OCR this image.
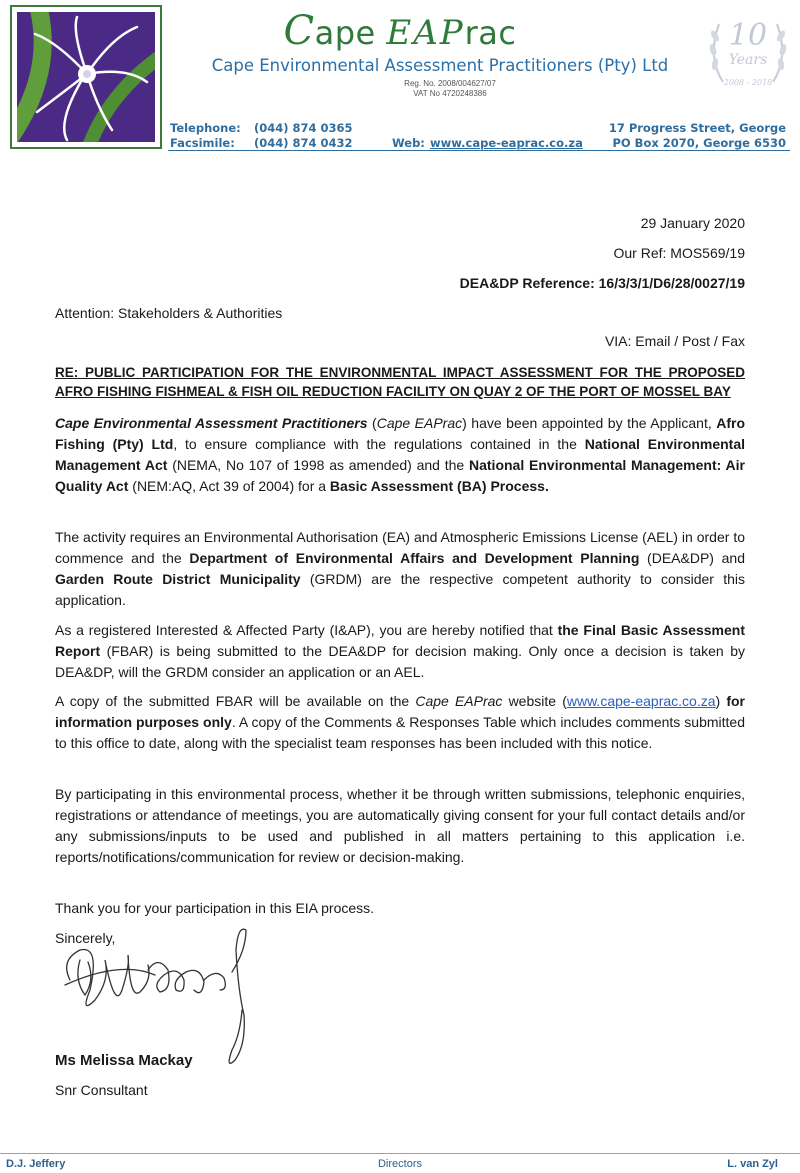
Cape EAPrac
Cape Environmental Assessment Practitioners (Pty) Ltd
Reg. No. 2008/004627/07
VAT No 4720248386
10
Years
2008 - 2018
Telephone: (044) 874 0365
Facsimile: (044) 874 0432	Web: www.cape-eaprac.co.za
17 Progress Street, George
PO Box 2070, George 6530
29 January 2020
Our Ref: MOS569/19
DEA&DP Reference: 16/3/3/1/D6/28/0027/19
Attention: Stakeholders & Authorities
VIA: Email / Post / Fax
RE: PUBLIC PARTICIPATION FOR THE ENVIRONMENTAL IMPACT ASSESSMENT FOR THE PROPOSED AFRO FISHING FISHMEAL & FISH OIL REDUCTION FACILITY ON QUAY 2 OF THE PORT OF MOSSEL BAY
Cape Environmental Assessment Practitioners (Cape EAPrac) have been appointed by the Applicant, Afro Fishing (Pty) Ltd, to ensure compliance with the regulations contained in the National Environmental Management Act (NEMA, No 107 of 1998 as amended) and the National Environmental Management: Air Quality Act (NEM:AQ, Act 39 of 2004) for a Basic Assessment (BA) Process.
The activity requires an Environmental Authorisation (EA) and Atmospheric Emissions License (AEL) in order to commence and the Department of Environmental Affairs and Development Planning (DEA&DP) and Garden Route District Municipality (GRDM) are the respective competent authority to consider this application.
As a registered Interested & Affected Party (I&AP), you are hereby notified that the Final Basic Assessment Report (FBAR) is being submitted to the DEA&DP for decision making. Only once a decision is taken by DEA&DP, will the GRDM consider an application or an AEL.
A copy of the submitted FBAR will be available on the Cape EAPrac website (www.cape-eaprac.co.za) for information purposes only. A copy of the Comments & Responses Table which includes comments submitted to this office to date, along with the specialist team responses has been included with this notice.
By participating in this environmental process, whether it be through written submissions, telephonic enquiries, registrations or attendance of meetings, you are automatically giving consent for your full contact details and/or any submissions/inputs to be used and published in all matters pertaining to this application i.e. reports/notifications/communication for review or decision-making.
Thank you for your participation in this EIA process.
Sincerely,
Ms Melissa Mackay
Snr Consultant
D.J. Jeffery	Directors	L. van Zyl
